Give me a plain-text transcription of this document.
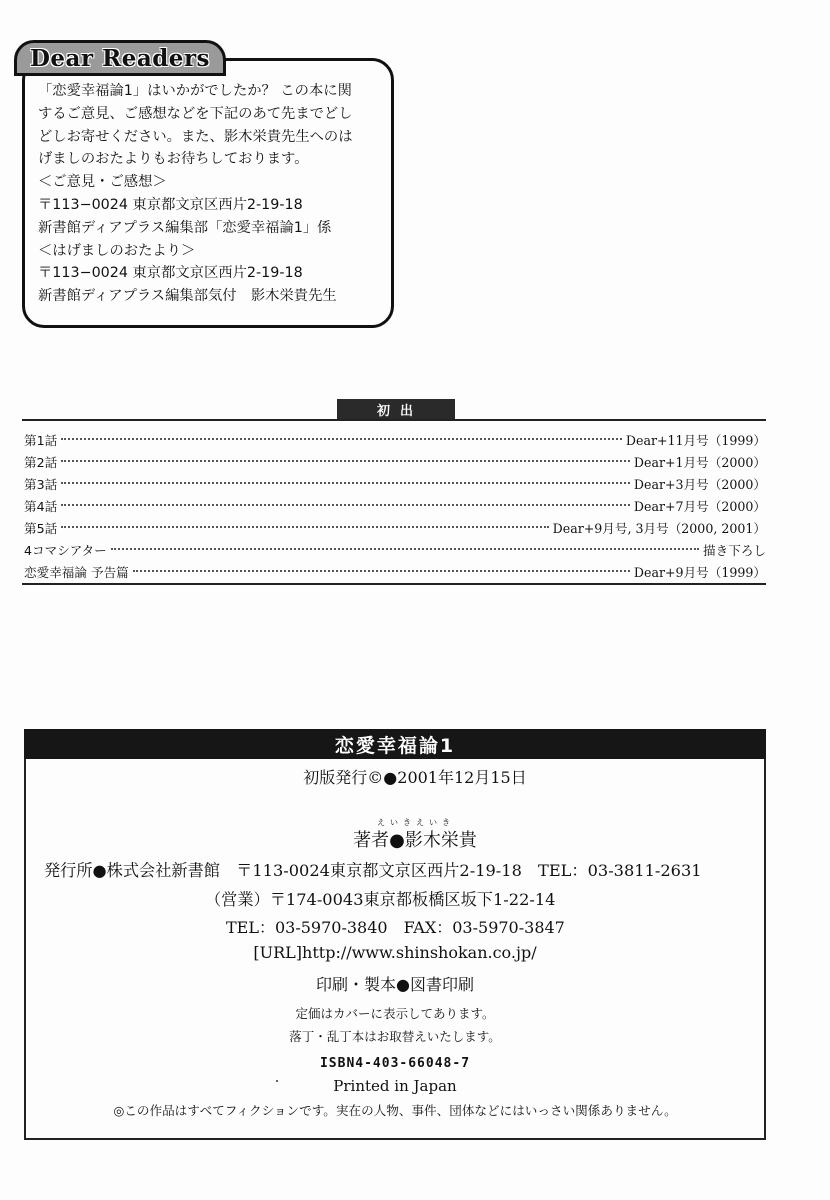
Dear Readers
「恋愛幸福論1」はいかがでしたか？ この本に関
するご意見、ご感想などを下記のあて先までどし
どしお寄せください。また、影木栄貴先生へのは
げましのおたよりもお待ちしております。
＜ご意見・ご感想＞
〒113−0024 東京都文京区西片2-19-18
新書館ディアプラス編集部「恋愛幸福論1」係
＜はげましのおたより＞
〒113−0024 東京都文京区西片2-19-18
新書館ディアプラス編集部気付　影木栄貴先生
初出
第1話	Dear+11月号（1999）
第2話	Dear+1月号（2000）
第3話	Dear+3月号（2000）
第4話	Dear+7月号（2000）
第5話	Dear+9月号, 3月号（2000, 2001）
4コマシアター	描き下ろし
恋愛幸福論 予告篇	Dear+9月号（1999）
恋愛幸福論1
初版発行©●2001年12月15日
えいきえいき
著者●影木栄貴
発行所●株式会社新書館　〒113-0024東京都文京区西片2-19-18　TEL：03-3811-2631
（営業）〒174-0043東京都板橋区坂下1-22-14
TEL：03-5970-3840　FAX：03-5970-3847
[URL]http://www.shinshokan.co.jp/
印刷・製本●図書印刷
定価はカバーに表示してあります。
落丁・乱丁本はお取替えいたします。
ISBN4-403-66048-7
Printed in Japan
◎この作品はすべてフィクションです。実在の人物、事件、団体などにはいっさい関係ありません。
